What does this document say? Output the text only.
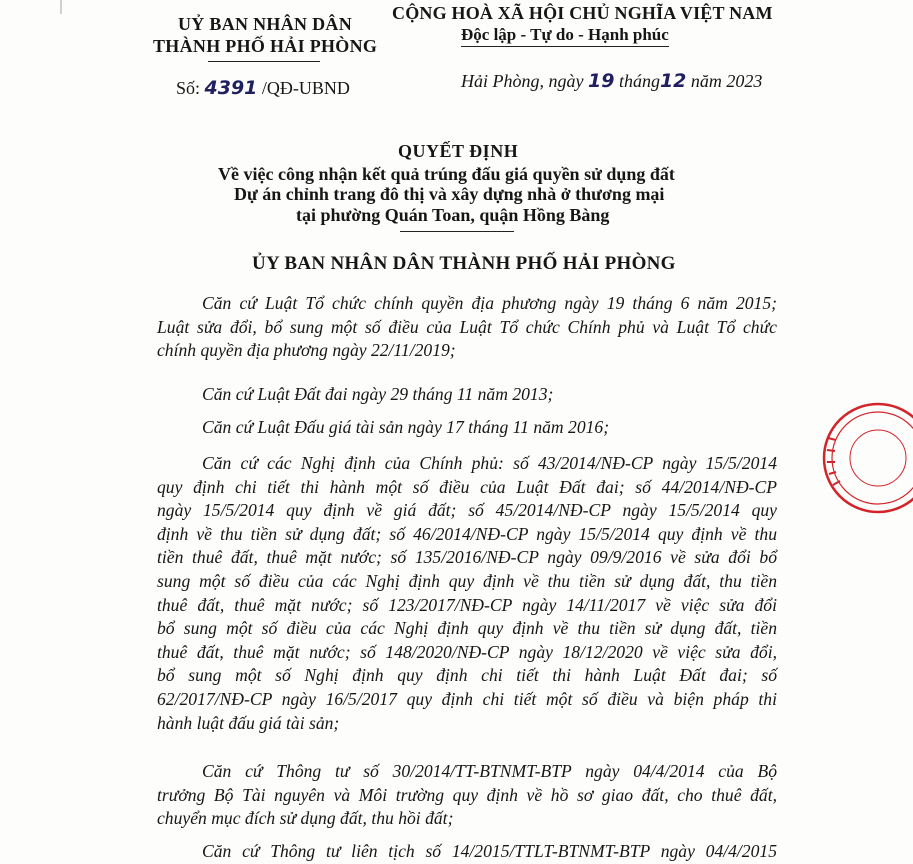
UỶ BAN NHÂN DÂN
THÀNH PHỐ HẢI PHÒNG
CỘNG HOÀ XÃ HỘI CHỦ NGHĨA VIỆT NAM
Độc lập - Tự do - Hạnh phúc
Số: 4391 /QĐ-UBND	Hải Phòng, ngày 19 tháng12 năm 2023
QUYẾT ĐỊNH
Về việc công nhận kết quả trúng đấu giá quyền sử dụng đất
Dự án chỉnh trang đô thị và xây dựng nhà ở thương mại
tại phường Quán Toan, quận Hồng Bàng
ỦY BAN NHÂN DÂN THÀNH PHỐ HẢI PHÒNG
Căn cứ Luật Tổ chức chính quyền địa phương ngày 19 tháng 6 năm 2015;
Luật sửa đổi, bổ sung một số điều của Luật Tổ chức Chính phủ và Luật Tổ chức
chính quyền địa phương ngày 22/11/2019;
Căn cứ Luật Đất đai ngày 29 tháng 11 năm 2013;
Căn cứ Luật Đấu giá tài sản ngày 17 tháng 11 năm 2016;
Căn cứ các Nghị định của Chính phủ: số 43/2014/NĐ-CP ngày 15/5/2014
quy định chi tiết thi hành một số điều của Luật Đất đai; số 44/2014/NĐ-CP
ngày 15/5/2014 quy định về giá đất; số 45/2014/NĐ-CP ngày 15/5/2014 quy
định về thu tiền sử dụng đất; số 46/2014/NĐ-CP ngày 15/5/2014 quy định về thu
tiền thuê đất, thuê mặt nước; số 135/2016/NĐ-CP ngày 09/9/2016 về sửa đổi bổ
sung một số điều của các Nghị định quy định về thu tiền sử dụng đất, thu tiền
thuê đất, thuê mặt nước; số 123/2017/NĐ-CP ngày 14/11/2017 về việc sửa đổi
bổ sung một số điều của các Nghị định quy định về thu tiền sử dụng đất, tiền
thuê đất, thuê mặt nước; số 148/2020/NĐ-CP ngày 18/12/2020 về việc sửa đổi,
bổ sung một số Nghị định quy định chi tiết thi hành Luật Đất đai; số
62/2017/NĐ-CP ngày 16/5/2017 quy định chi tiết một số điều và biện pháp thi
hành luật đấu giá tài sản;
Căn cứ Thông tư số 30/2014/TT-BTNMT-BTP ngày 04/4/2014 của Bộ
trưởng Bộ Tài nguyên và Môi trường quy định về hồ sơ giao đất, cho thuê đất,
chuyển mục đích sử dụng đất, thu hồi đất;
Căn cứ Thông tư liên tịch số 14/2015/TTLT-BTNMT-BTP ngày 04/4/2015
